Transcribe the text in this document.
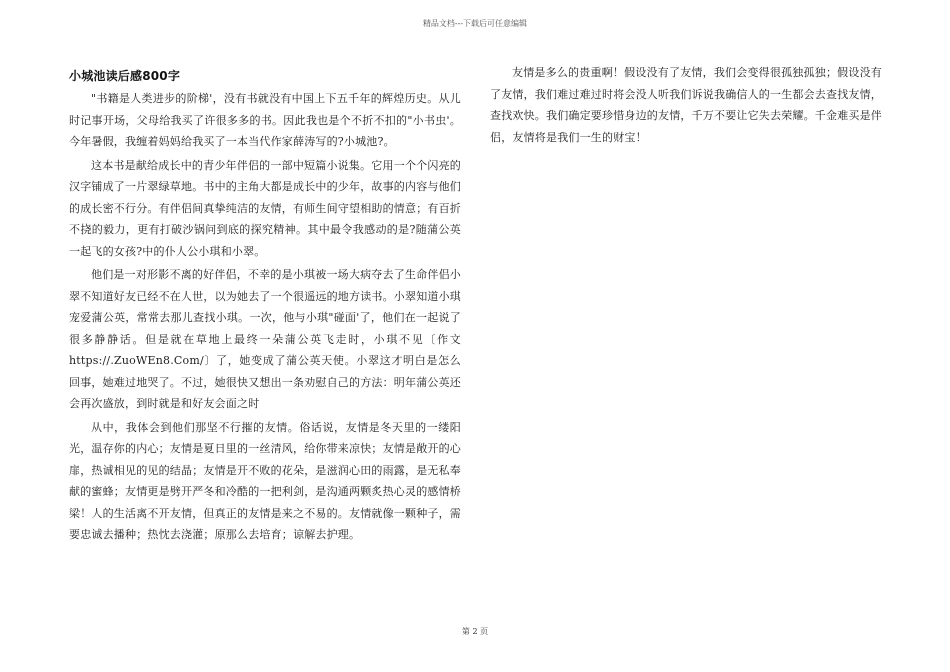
精品文档---下载后可任意编辑
小城池读后感800字

"书籍是人类进步的阶梯'，没有书就没有中国上下五千年的辉煌历史。从儿时记事开场，父母给我买了许很多多的书。因此我也是个不折不扣的"小书虫'。今年暑假，我缠着妈妈给我买了一本当代作家薛涛写的?小城池?。

这本书是献给成长中的青少年伴侣的一部中短篇小说集。它用一个个闪亮的汉字铺成了一片翠绿草地。书中的主角大都是成长中的少年，故事的内容与他们的成长密不行分。有伴侣间真挚纯洁的友情，有师生间守望相助的情意；有百折不挠的毅力，更有打破沙锅问到底的探究精神。其中最令我感动的是?随蒲公英一起飞的女孩?中的仆人公小琪和小翠。

他们是一对形影不离的好伴侣，不幸的是小琪被一场大病夺去了生命伴侣小翠不知道好友已经不在人世，以为她去了一个很遥远的地方读书。小翠知道小琪宠爱蒲公英，常常去那儿查找小琪。一次，他与小琪"碰面'了，他们在一起说了很多静静话。但是就在草地上最终一朵蒲公英飞走时，小琪不见〔作文https://.ZuoWEn8.Com/〕了，她变成了蒲公英天使。小翠这才明白是怎么回事，她难过地哭了。不过，她很快又想出一条劝慰自己的方法：明年蒲公英还会再次盛放，到时就是和好友会面之时

从中，我体会到他们那坚不行摧的友情。俗话说，友情是冬天里的一缕阳光，温存你的内心；友情是夏日里的一丝清风，给你带来凉快；友情是敞开的心扉，热诚相见的见的结晶；友情是开不败的花朵，是滋润心田的雨露，是无私奉献的蜜蜂；友情更是劈开严冬和冷酷的一把利剑，是沟通两颗炙热心灵的感情桥梁！人的生活离不开友情，但真正的友情是来之不易的。友情就像一颗种子，需要忠诚去播种；热忱去浇灌；原那么去培育；谅解去护理。

友情是多么的贵重啊！假设没有了友情，我们会变得很孤独孤独；假设没有了友情，我们难过难过时将会没人听我们诉说我确信人的一生都会去查找友情，查找欢快。我们确定要珍惜身边的友情，千万不要让它失去荣耀。千金难买是伴侣，友情将是我们一生的财宝！

第 2 页
